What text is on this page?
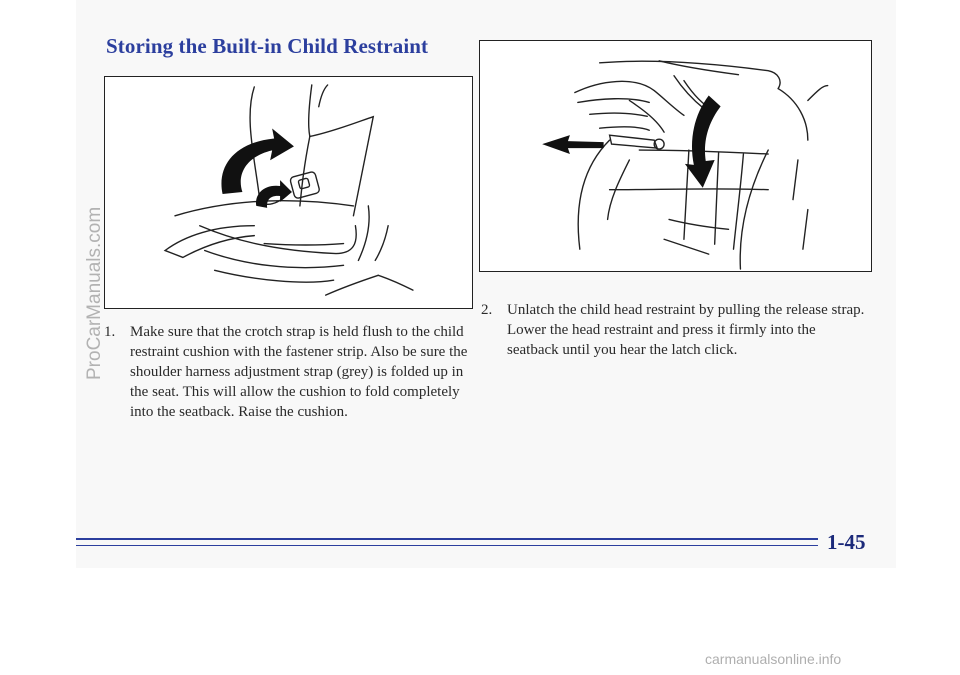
Storing the Built-in Child Restraint

1. Make sure that the crotch strap is held flush to the child restraint cushion with the fastener strip. Also be sure the shoulder harness adjustment strap (grey) is folded up in the seat. This will allow the cushion to fold completely into the seatback. Raise the cushion.

2. Unlatch the child head restraint by pulling the release strap. Lower the head restraint and press it firmly into the seatback until you hear the latch click.

1-45

ProCarManuals.com
carmanualsonline.info
